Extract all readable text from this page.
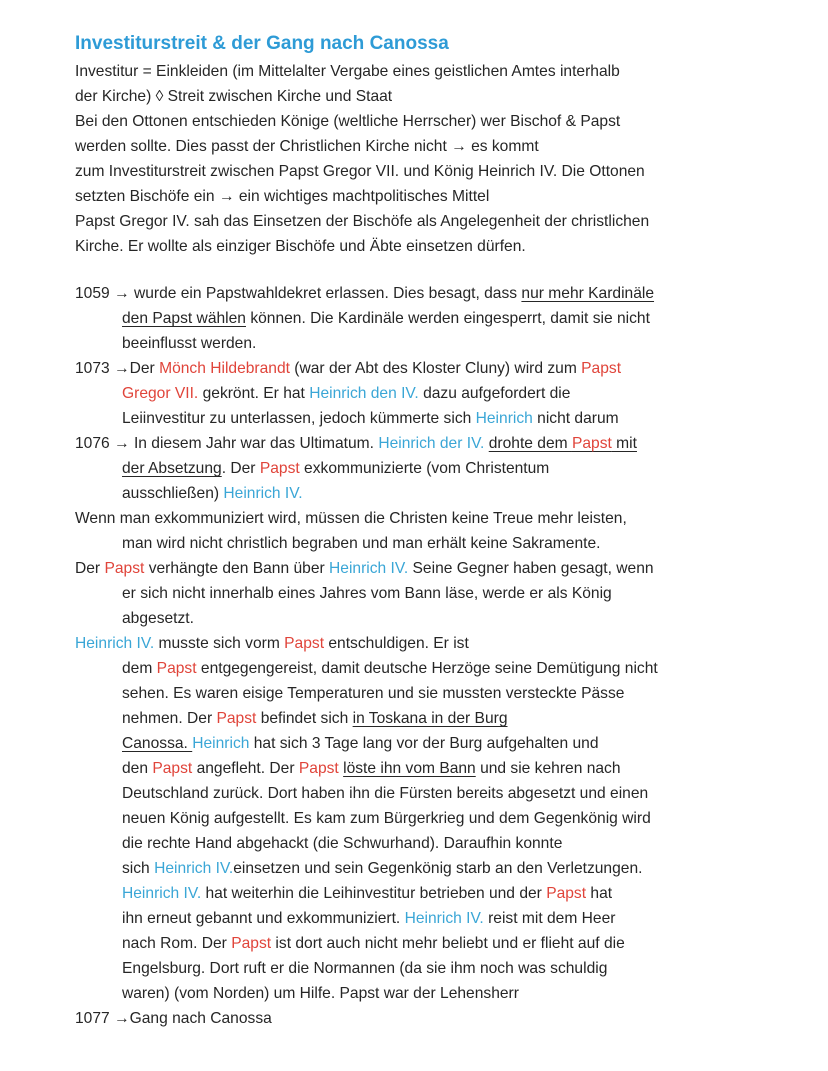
Investiturstreit & der Gang nach Canossa
Investitur = Einkleiden (im Mittelalter Vergabe eines geistlichen Amtes interhalb
der Kirche) ◊ Streit zwischen Kirche und Staat
Bei den Ottonen entschieden Könige (weltliche Herrscher) wer Bischof & Papst
werden sollte. Dies passt der Christlichen Kirche nicht → es kommt
zum Investiturstreit zwischen Papst Gregor VII. und König Heinrich IV. Die Ottonen
setzten Bischöfe ein → ein wichtiges machtpolitisches Mittel
Papst Gregor IV. sah das Einsetzen der Bischöfe als Angelegenheit der christlichen
Kirche. Er wollte als einziger Bischöfe und Äbte einsetzen dürfen.
1059 → wurde ein Papstwahldekret erlassen. Dies besagt, dass nur mehr Kardinäle
den Papst wählen können. Die Kardinäle werden eingesperrt, damit sie nicht
beeinflusst werden.
1073 →Der Mönch Hildebrandt (war der Abt des Kloster Cluny) wird zum Papst
Gregor VII. gekrönt. Er hat Heinrich den IV. dazu aufgefordert die
Leiinvestitur zu unterlassen, jedoch kümmerte sich Heinrich nicht darum
1076 → In diesem Jahr war das Ultimatum. Heinrich der IV. drohte dem Papst mit
der Absetzung. Der Papst exkommunizierte (vom Christentum
ausschließen) Heinrich IV.
Wenn man exkommuniziert wird, müssen die Christen keine Treue mehr leisten,
man wird nicht christlich begraben und man erhält keine Sakramente.
Der Papst verhängte den Bann über Heinrich IV. Seine Gegner haben gesagt, wenn
er sich nicht innerhalb eines Jahres vom Bann läse, werde er als König
abgesetzt.
Heinrich IV. musste sich vorm Papst entschuldigen. Er ist
dem Papst entgegengereist, damit deutsche Herzöge seine Demütigung nicht
sehen. Es waren eisige Temperaturen und sie mussten versteckte Pässe
nehmen. Der Papst befindet sich in Toskana in der Burg
Canossa. Heinrich hat sich 3 Tage lang vor der Burg aufgehalten und
den Papst angefleht. Der Papst löste ihn vom Bann und sie kehren nach
Deutschland zurück. Dort haben ihn die Fürsten bereits abgesetzt und einen
neuen König aufgestellt. Es kam zum Bürgerkrieg und dem Gegenkönig wird
die rechte Hand abgehackt (die Schwurhand). Daraufhin konnte
sich Heinrich IV.einsetzen und sein Gegenkönig starb an den Verletzungen.
Heinrich IV. hat weiterhin die Leihinvestitur betrieben und der Papst hat
ihn erneut gebannt und exkommuniziert. Heinrich IV. reist mit dem Heer
nach Rom. Der Papst ist dort auch nicht mehr beliebt und er flieht auf die
Engelsburg. Dort ruft er die Normannen (da sie ihm noch was schuldig
waren) (vom Norden) um Hilfe. Papst war der Lehensherr
1077 →Gang nach Canossa
